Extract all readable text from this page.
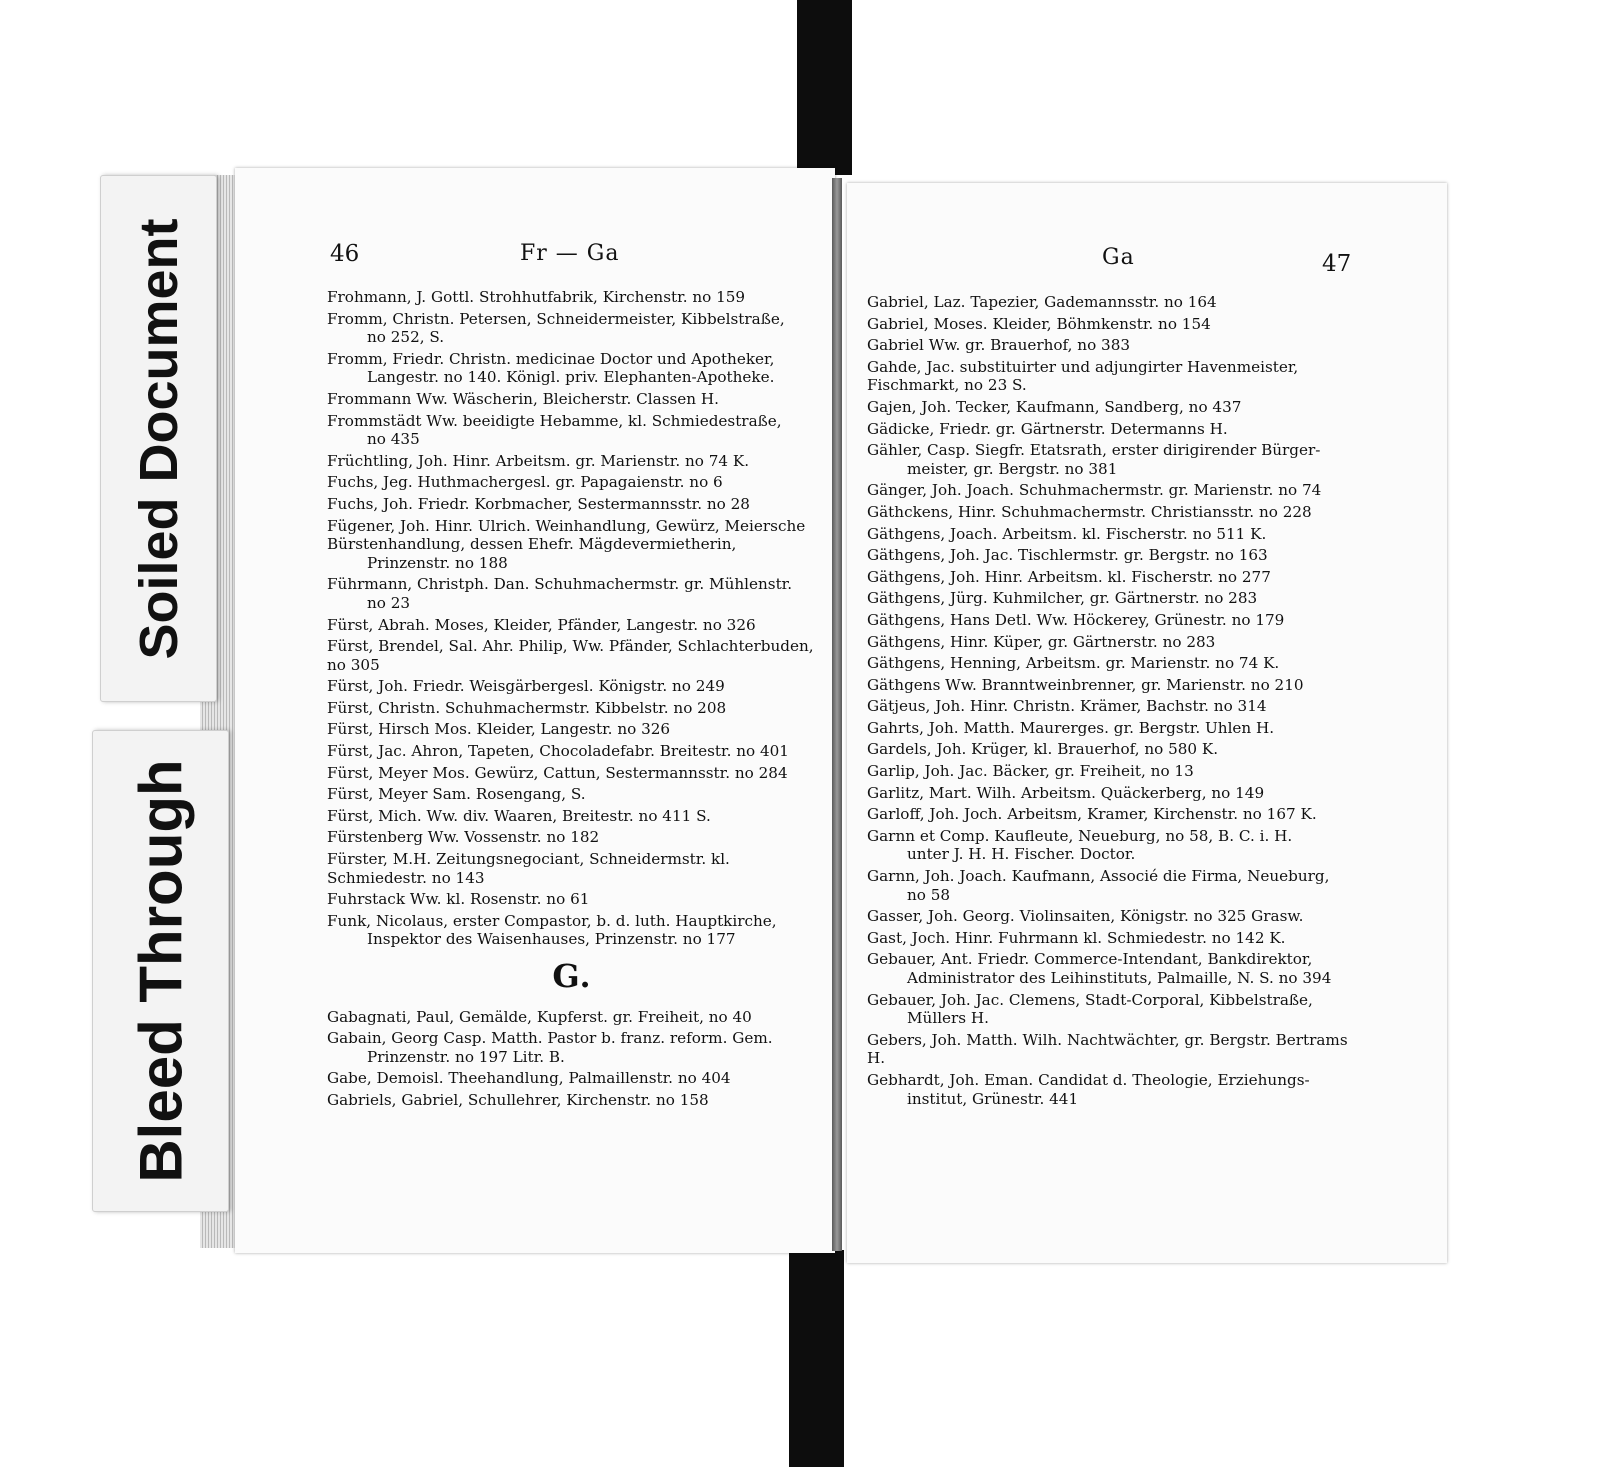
46	Fr — Ga
Frohmann, J. Gottl. Strohhutfabrik, Kirchenstr. no 159
Fromm, Christn. Petersen, Schneidermeister, Kibbelstraße,
no 252, S.
Fromm, Friedr. Christn. medicinae Doctor und Apotheker,
Langestr. no 140. Königl. priv. Elephanten-Apotheke.
Frommann Ww. Wäscherin, Bleicherstr. Classen H.
Frommstädt Ww. beeidigte Hebamme, kl. Schmiedestraße,
no 435
Früchtling, Joh. Hinr. Arbeitsm. gr. Marienstr. no 74 K.
Fuchs, Jeg. Huthmachergesl. gr. Papagaienstr. no 6
Fuchs, Joh. Friedr. Korbmacher, Sestermannsstr. no 28
Fügener, Joh. Hinr. Ulrich. Weinhandlung, Gewürz, Meiersche Bürstenhandlung, dessen Ehefr. Mägdevermietherin,
Prinzenstr. no 188
Führmann, Christph. Dan. Schuhmachermstr. gr. Mühlenstr.
no 23
Fürst, Abrah. Moses, Kleider, Pfänder, Langestr. no 326
Fürst, Brendel, Sal. Ahr. Philip, Ww. Pfänder, Schlachterbuden, no 305
Fürst, Joh. Friedr. Weisgärbergesl. Königstr. no 249
Fürst, Christn. Schuhmachermstr. Kibbelstr. no 208
Fürst, Hirsch Mos. Kleider, Langestr. no 326
Fürst, Jac. Ahron, Tapeten, Chocoladefabr. Breitestr. no 401
Fürst, Meyer Mos. Gewürz, Cattun, Sestermannsstr. no 284
Fürst, Meyer Sam. Rosengang, S.
Fürst, Mich. Ww. div. Waaren, Breitestr. no 411 S.
Fürstenberg Ww. Vossenstr. no 182
Fürster, M.H. Zeitungsnegociant, Schneidermstr. kl. Schmiedestr. no 143
Fuhrstack Ww. kl. Rosenstr. no 61
Funk, Nicolaus, erster Compastor, b. d. luth. Hauptkirche,
Inspektor des Waisenhauses, Prinzenstr. no 177
G.
Gabagnati, Paul, Gemälde, Kupferst. gr. Freiheit, no 40
Gabain, Georg Casp. Matth. Pastor b. franz. reform. Gem.
Prinzenstr. no 197 Litr. B.
Gabe, Demoisl. Theehandlung, Palmaillenstr. no 404
Gabriels, Gabriel, Schullehrer, Kirchenstr. no 158
Ga	47
Gabriel, Laz. Tapezier, Gademannsstr. no 164
Gabriel, Moses. Kleider, Böhmkenstr. no 154
Gabriel Ww. gr. Brauerhof, no 383
Gahde, Jac. substituirter und adjungirter Havenmeister, Fischmarkt, no 23 S.
Gajen, Joh. Tecker, Kaufmann, Sandberg, no 437
Gädicke, Friedr. gr. Gärtnerstr. Determanns H.
Gähler, Casp. Siegfr. Etatsrath, erster dirigirender Bürger-
meister, gr. Bergstr. no 381
Gänger, Joh. Joach. Schuhmachermstr. gr. Marienstr. no 74
Gäthckens, Hinr. Schuhmachermstr. Christiansstr. no 228
Gäthgens, Joach. Arbeitsm. kl. Fischerstr. no 511 K.
Gäthgens, Joh. Jac. Tischlermstr. gr. Bergstr. no 163
Gäthgens, Joh. Hinr. Arbeitsm. kl. Fischerstr. no 277
Gäthgens, Jürg. Kuhmilcher, gr. Gärtnerstr. no 283
Gäthgens, Hans Detl. Ww. Höckerey, Grünestr. no 179
Gäthgens, Hinr. Küper, gr. Gärtnerstr. no 283
Gäthgens, Henning, Arbeitsm. gr. Marienstr. no 74 K.
Gäthgens Ww. Branntweinbrenner, gr. Marienstr. no 210
Gätjeus, Joh. Hinr. Christn. Krämer, Bachstr. no 314
Gahrts, Joh. Matth. Maurerges. gr. Bergstr. Uhlen H.
Gardels, Joh. Krüger, kl. Brauerhof, no 580 K.
Garlip, Joh. Jac. Bäcker, gr. Freiheit, no 13
Garlitz, Mart. Wilh. Arbeitsm. Quäckerberg, no 149
Garloff, Joh. Joch. Arbeitsm, Kramer, Kirchenstr. no 167 K.
Garnn et Comp. Kaufleute, Neueburg, no 58, B. C. i. H.
unter J. H. H. Fischer. Doctor.
Garnn, Joh. Joach. Kaufmann, Associé die Firma, Neueburg,
no 58
Gasser, Joh. Georg. Violinsaiten, Königstr. no 325 Grasw.
Gast, Joch. Hinr. Fuhrmann kl. Schmiedestr. no 142 K.
Gebauer, Ant. Friedr. Commerce-Intendant, Bankdirektor,
Administrator des Leihinstituts, Palmaille, N. S. no 394
Gebauer, Joh. Jac. Clemens, Stadt-Corporal, Kibbelstraße,
Müllers H.
Gebers, Joh. Matth. Wilh. Nachtwächter, gr. Bergstr. Bertrams H.
Gebhardt, Joh. Eman. Candidat d. Theologie, Erziehungs-
institut, Grünestr. 441
Soiled Document
Bleed Through
